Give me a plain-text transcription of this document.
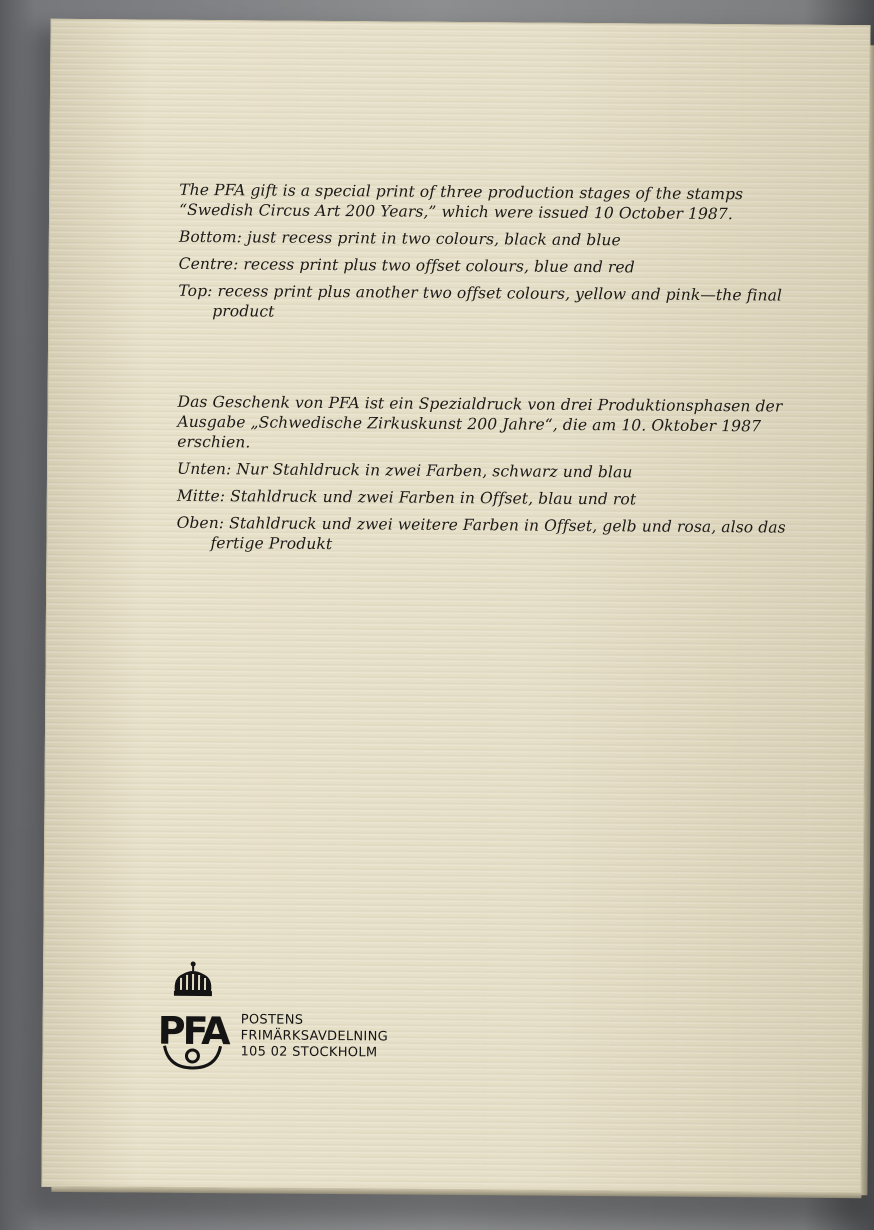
The PFA gift is a special print of three production stages of the stamps “Swedish Circus Art 200 Years,” which were issued 10 October 1987.

Bottom: just recess print in two colours, black and blue

Centre: recess print plus two offset colours, blue and red

Top: recess print plus another two offset colours, yellow and pink—the final product

Das Geschenk von PFA ist ein Spezialdruck von drei Produktionsphasen der Ausgabe „Schwedische Zirkuskunst 200 Jahre“, die am 10. Oktober 1987 erschien.

Unten: Nur Stahldruck in zwei Farben, schwarz und blau

Mitte: Stahldruck und zwei Farben in Offset, blau und rot

Oben: Stahldruck und zwei weitere Farben in Offset, gelb und rosa, also das fertige Produkt

PFA POSTENS
FRIMÄRKSAVDELNING
105 02 STOCKHOLM
